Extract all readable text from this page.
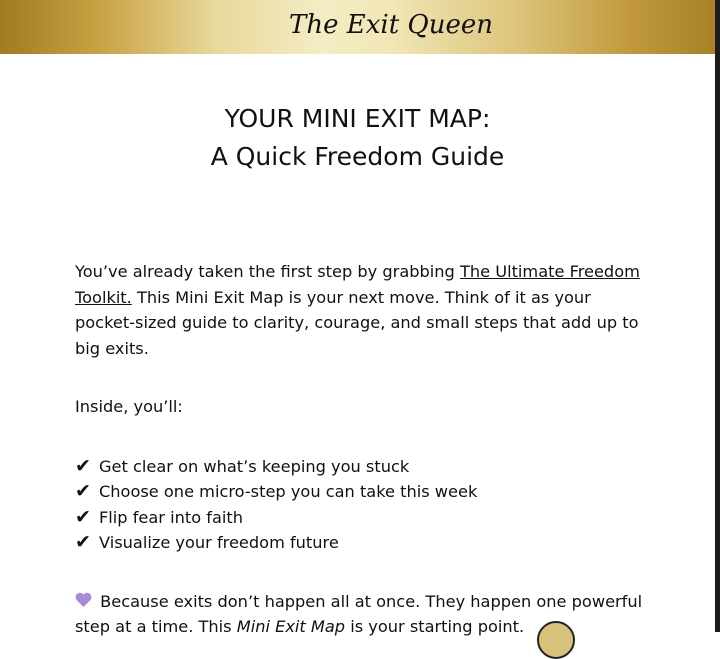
The Exit Queen
YOUR MINI EXIT MAP:
A Quick Freedom Guide

You’ve already taken the first step by grabbing The Ultimate Freedom Toolkit. This Mini Exit Map is your next move. Think of it as your pocket-sized guide to clarity, courage, and small steps that add up to big exits.

Inside, you’ll:

✔ Get clear on what’s keeping you stuck
✔ Choose one micro-step you can take this week
✔ Flip fear into faith
✔ Visualize your freedom future

Because exits don’t happen all at once. They happen one powerful step at a time. This Mini Exit Map is your starting point.
